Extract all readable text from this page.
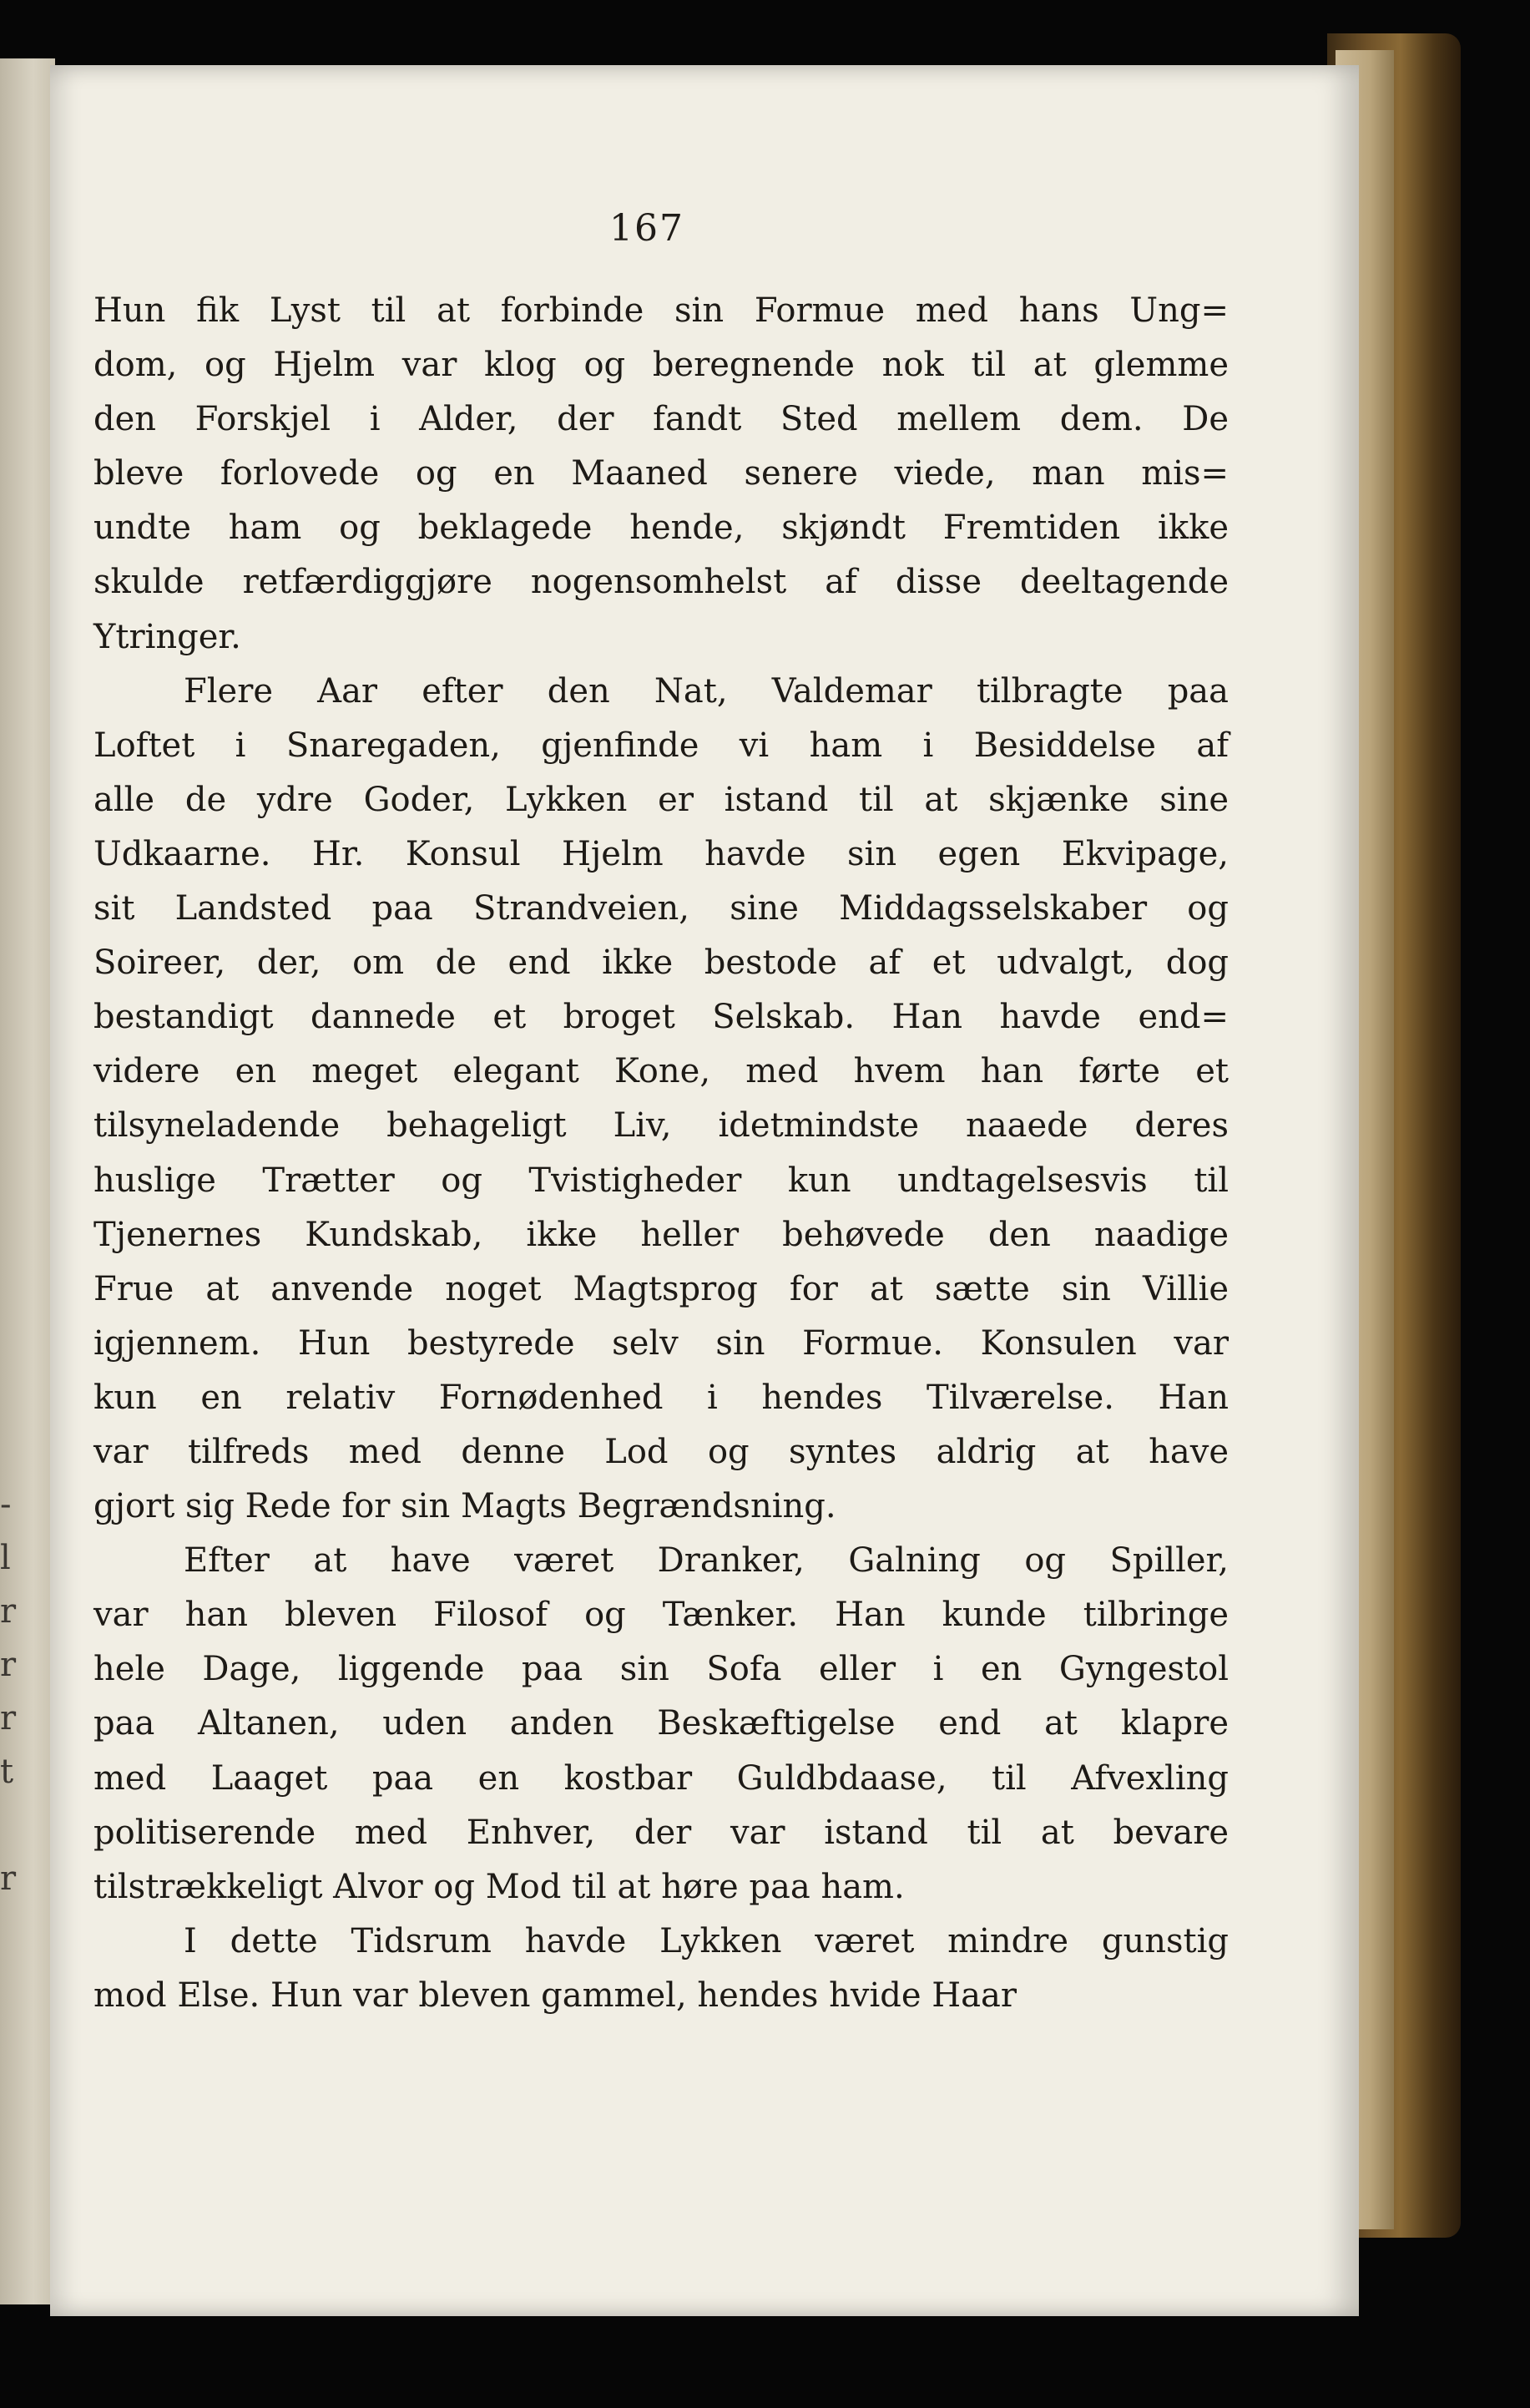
-
l
r
r
r
t
r
167
Hun fik Lyst til at forbinde sin Formue med hans Ung=
dom, og Hjelm var klog og beregnende nok til at glemme
den Forskjel i Alder, der fandt Sted mellem dem. De
bleve forlovede og en Maaned senere viede, man mis=
undte ham og beklagede hende, skjøndt Fremtiden ikke
skulde retfærdiggjøre nogensomhelst af disse deeltagende
Ytringer.
Flere Aar efter den Nat, Valdemar tilbragte paa
Loftet i Snaregaden, gjenfinde vi ham i Besiddelse af
alle de ydre Goder, Lykken er istand til at skjænke sine
Udkaarne. Hr. Konsul Hjelm havde sin egen Ekvipage,
sit Landsted paa Strandveien, sine Middagsselskaber og
Soireer, der, om de end ikke bestode af et udvalgt, dog
bestandigt dannede et broget Selskab. Han havde end=
videre en meget elegant Kone, med hvem han førte et
tilsyneladende behageligt Liv, idetmindste naaede deres
huslige Trætter og Tvistigheder kun undtagelsesvis til
Tjenernes Kundskab, ikke heller behøvede den naadige
Frue at anvende noget Magtsprog for at sætte sin Villie
igjennem. Hun bestyrede selv sin Formue. Konsulen var
kun en relativ Fornødenhed i hendes Tilværelse. Han
var tilfreds med denne Lod og syntes aldrig at have
gjort sig Rede for sin Magts Begrændsning.
Efter at have været Dranker, Galning og Spiller,
var han bleven Filosof og Tænker. Han kunde tilbringe
hele Dage, liggende paa sin Sofa eller i en Gyngestol
paa Altanen, uden anden Beskæftigelse end at klapre
med Laaget paa en kostbar Guldbdaase, til Afvexling
politiserende med Enhver, der var istand til at bevare
tilstrækkeligt Alvor og Mod til at høre paa ham.
I dette Tidsrum havde Lykken været mindre gunstig
mod Else. Hun var bleven gammel, hendes hvide Haar
